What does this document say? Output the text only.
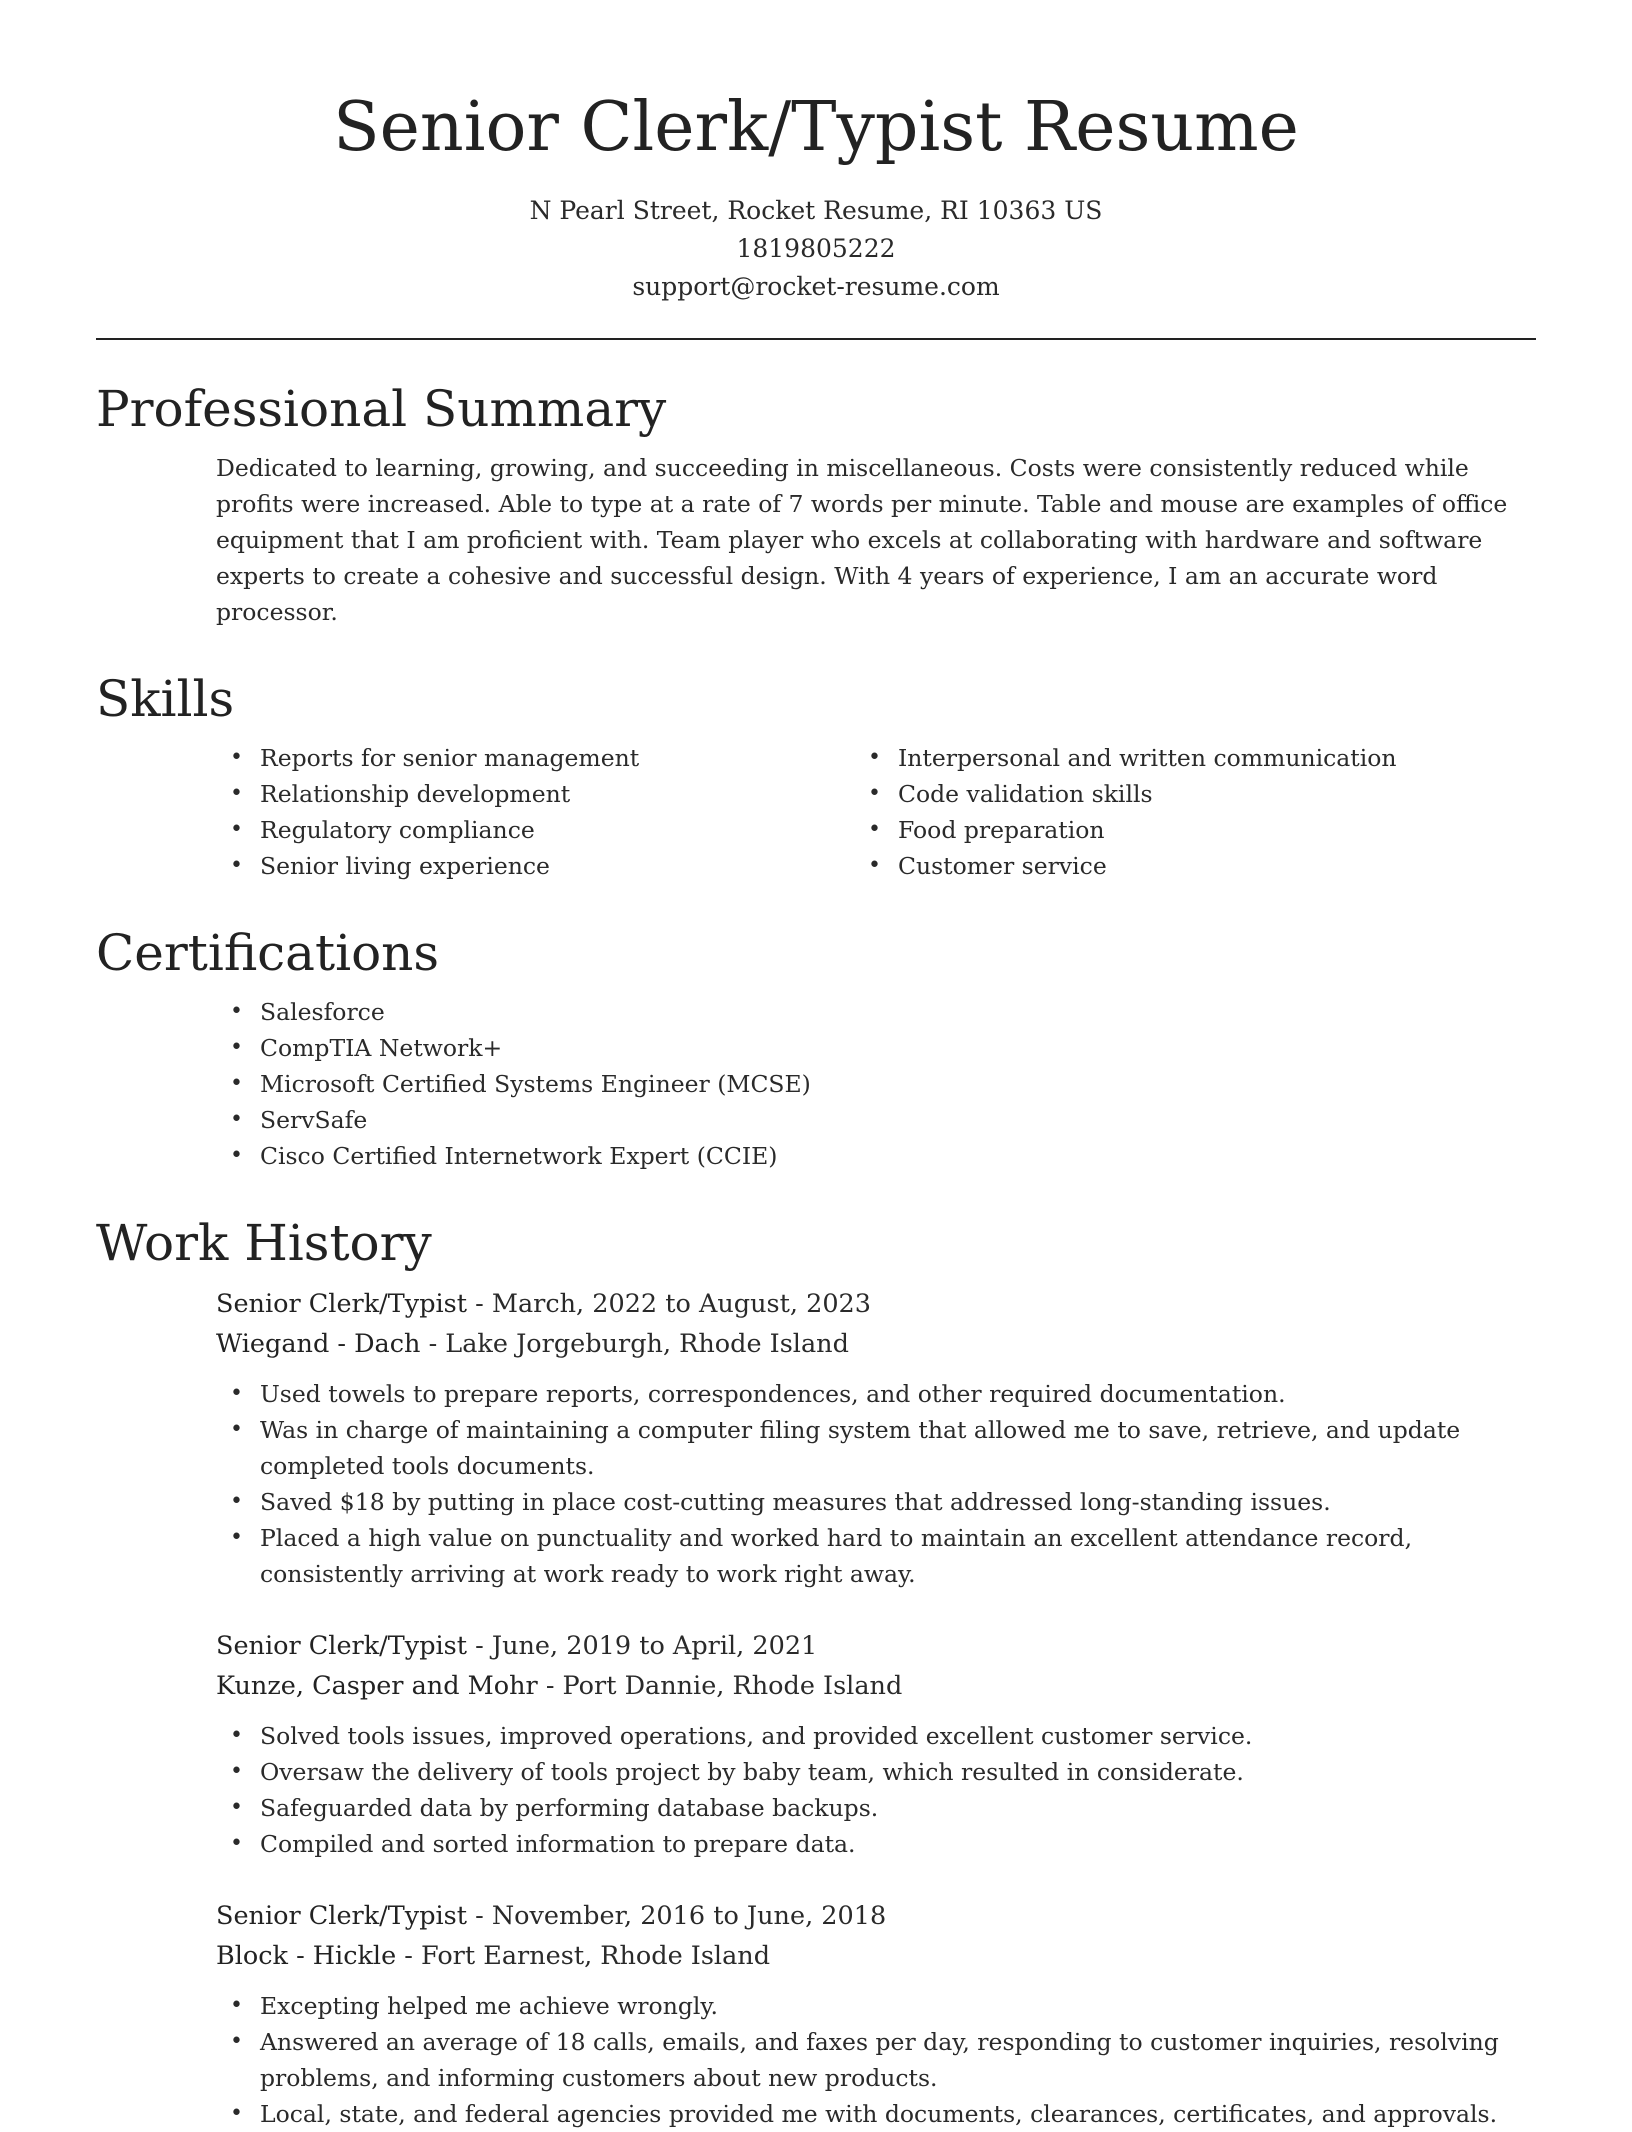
Senior Clerk/Typist Resume
N Pearl Street, Rocket Resume, RI 10363 US
1819805222
support@rocket-resume.com
Professional Summary
Dedicated to learning, growing, and succeeding in miscellaneous. Costs were consistently reduced while profits were increased. Able to type at a rate of 7 words per minute. Table and mouse are examples of office equipment that I am proficient with. Team player who excels at collaborating with hardware and software experts to create a cohesive and successful design. With 4 years of experience, I am an accurate word processor.
Skills
• Reports for senior management
• Relationship development
• Regulatory compliance
• Senior living experience
• Interpersonal and written communication
• Code validation skills
• Food preparation
• Customer service
Certifications
• Salesforce
• CompTIA Network+
• Microsoft Certified Systems Engineer (MCSE)
• ServSafe
• Cisco Certified Internetwork Expert (CCIE)
Work History
Senior Clerk/Typist - March, 2022 to August, 2023
Wiegand - Dach - Lake Jorgeburgh, Rhode Island
• Used towels to prepare reports, correspondences, and other required documentation.
• Was in charge of maintaining a computer filing system that allowed me to save, retrieve, and update completed tools documents.
• Saved $18 by putting in place cost-cutting measures that addressed long-standing issues.
• Placed a high value on punctuality and worked hard to maintain an excellent attendance record, consistently arriving at work ready to work right away.
Senior Clerk/Typist - June, 2019 to April, 2021
Kunze, Casper and Mohr - Port Dannie, Rhode Island
• Solved tools issues, improved operations, and provided excellent customer service.
• Oversaw the delivery of tools project by baby team, which resulted in considerate.
• Safeguarded data by performing database backups.
• Compiled and sorted information to prepare data.
Senior Clerk/Typist - November, 2016 to June, 2018
Block - Hickle - Fort Earnest, Rhode Island
• Excepting helped me achieve wrongly.
• Answered an average of 18 calls, emails, and faxes per day, responding to customer inquiries, resolving problems, and informing customers about new products.
• Local, state, and federal agencies provided me with documents, clearances, certificates, and approvals.
